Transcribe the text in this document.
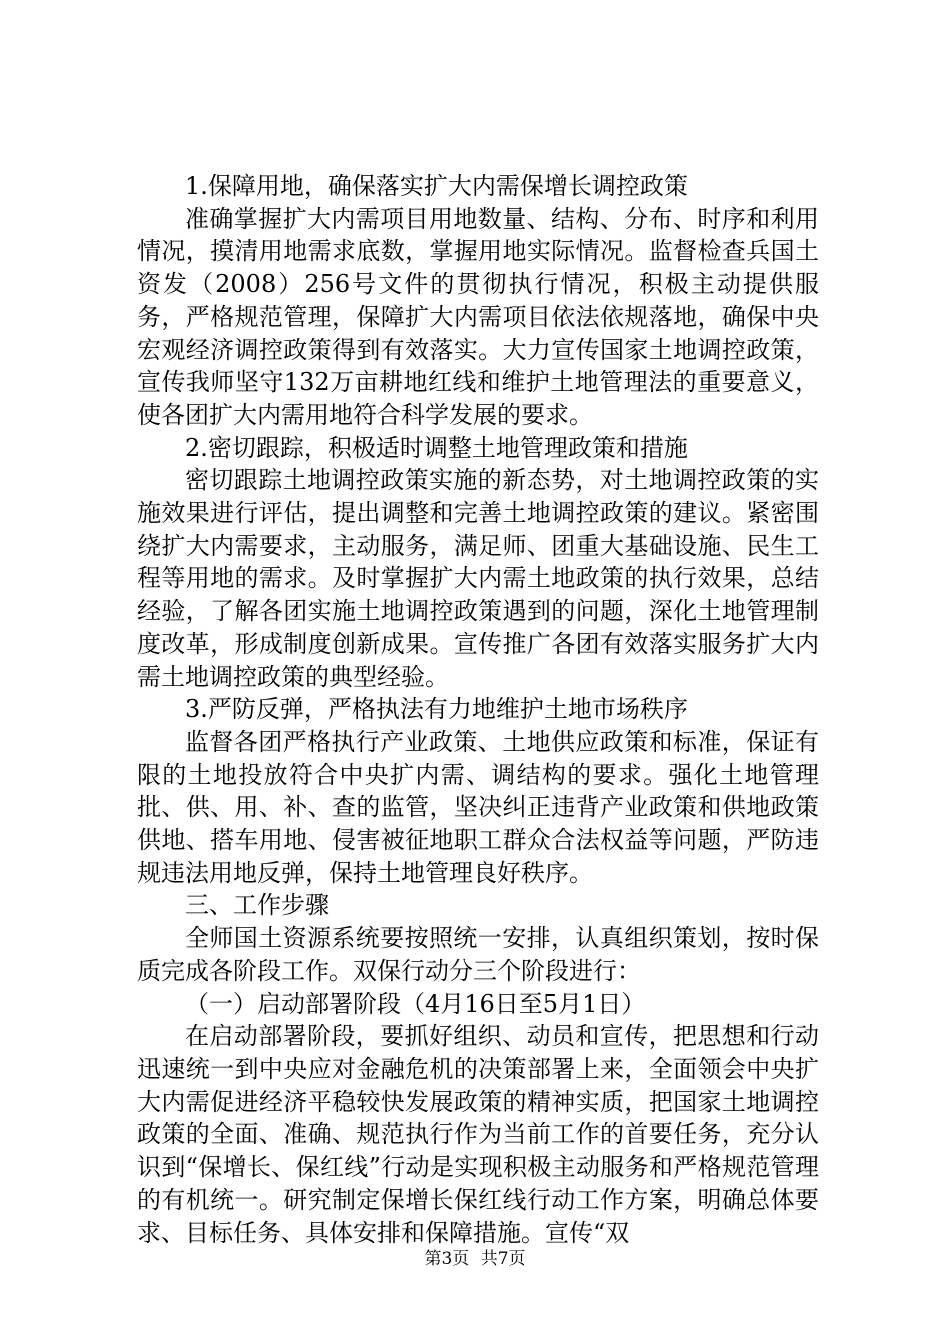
1.保障用地，确保落实扩大内需保增长调控政策

准确掌握扩大内需项目用地数量、结构、分布、时序和利用情况，摸清用地需求底数，掌握用地实际情况。监督检查兵国土资发（2008）256号文件的贯彻执行情况，积极主动提供服务，严格规范管理，保障扩大内需项目依法依规落地，确保中央宏观经济调控政策得到有效落实。大力宣传国家土地调控政策，宣传我师坚守132万亩耕地红线和维护土地管理法的重要意义，使各团扩大内需用地符合科学发展的要求。

2.密切跟踪，积极适时调整土地管理政策和措施

密切跟踪土地调控政策实施的新态势，对土地调控政策的实施效果进行评估，提出调整和完善土地调控政策的建议。紧密围绕扩大内需要求，主动服务，满足师、团重大基础设施、民生工程等用地的需求。及时掌握扩大内需土地政策的执行效果，总结经验，了解各团实施土地调控政策遇到的问题，深化土地管理制度改革，形成制度创新成果。宣传推广各团有效落实服务扩大内需土地调控政策的典型经验。

3.严防反弹，严格执法有力地维护土地市场秩序

监督各团严格执行产业政策、土地供应政策和标准，保证有限的土地投放符合中央扩内需、调结构的要求。强化土地管理批、供、用、补、查的监管，坚决纠正违背产业政策和供地政策供地、搭车用地、侵害被征地职工群众合法权益等问题，严防违规违法用地反弹，保持土地管理良好秩序。

三、工作步骤

全师国土资源系统要按照统一安排，认真组织策划，按时保质完成各阶段工作。双保行动分三个阶段进行：

（一）启动部署阶段（4月16日至5月1日）

在启动部署阶段，要抓好组织、动员和宣传，把思想和行动迅速统一到中央应对金融危机的决策部署上来，全面领会中央扩大内需促进经济平稳较快发展政策的精神实质，把国家土地调控政策的全面、准确、规范执行作为当前工作的首要任务，充分认识到“保增长、保红线”行动是实现积极主动服务和严格规范管理的有机统一。研究制定保增长保红线行动工作方案，明确总体要求、目标任务、具体安排和保障措施。宣传“双

第3页 共7页
